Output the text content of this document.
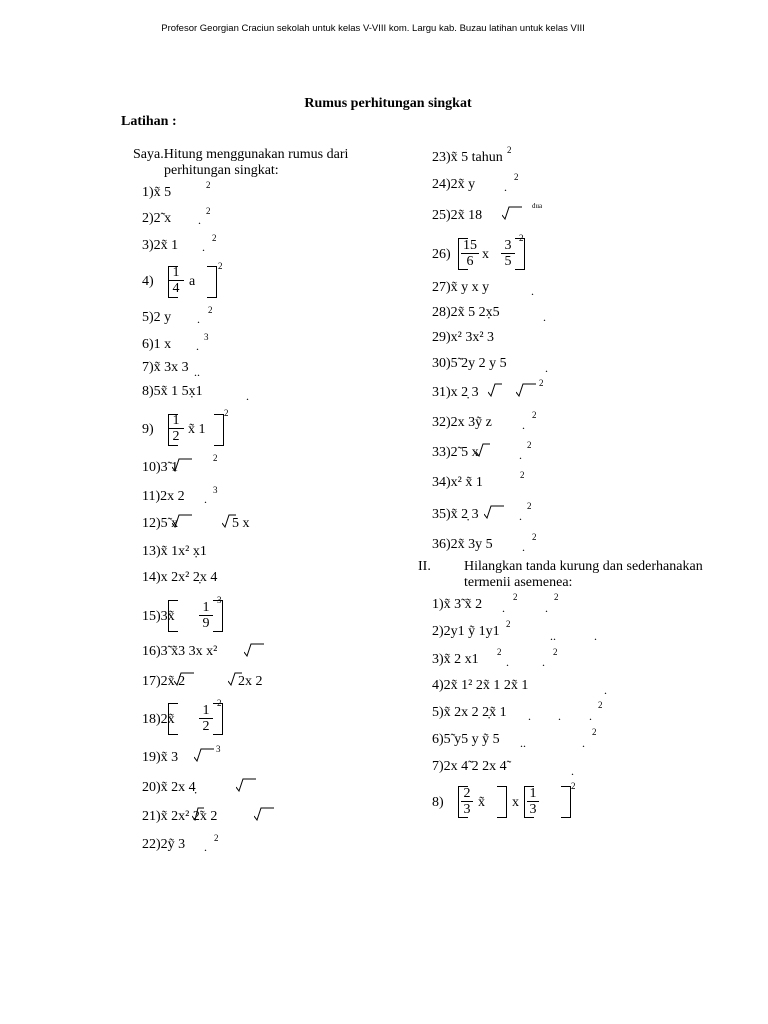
Profesor Georgian Craciun sekolah untuk kelas V-VIII kom. Largu kab. Buzau latihan untuk kelas VIII
Rumus perhitungan singkat
Latihan :
Saya.Hitung menggunakan rumus dari
perhitungan singkat:
1)x̃ 5	2
2)2̃ x	2
.
3)2x̃ 1	2
.
$4) \frac{1}{4}$ a
2
5)2 y	2
.
6)1 x	3
.
7)x̃ 3x 3 ..
8)5x̃ 1 5x̣1	.
$9) \frac{1}{2}$ x̃ 1
2
10)3̃ 1
2
11)2x 2	3
.
12)5̃ x	5 x
13)x̃ 1x² x̣1
14)x 2x² 2̣x 4
15)3x̃ $\frac{1}{9} 3$
16)3̃ x̃3 3x x²
17)2x̃ 2	2x 2
18)2x̃ $\frac{1}{2} 2$
19)x̃ 3
3
20)x̃ 2x 4̣
21)x̃ 2x² 2̃x 2
22)2ỹ 3	2
.
23)x̃ 5 tahun 2
24)2x̃ y	2
.
25)2x̃ 18
dua
$26) \frac{15}{6}$ x $\frac{3}{5} 2$
27)x̃ y x y	.
28)2x̃ 5 2x̣5	.
29)x² 3x² 3
30)5̃ 2y 2 y 5	.
31)x 2̣ 3
2
32)2x 3ỹ z	2
.
33)2̃ 5 x	2
.
34)x² x̃ 1	2
35)x̃ 2̣ 3
2
.
36)2x̃ 3y 5	2
.
II. Hilangkan tanda kurung dan sederhanakan
termenii asemenea:
1)x̃ 3̃ x̃ 2	2	2
.	.
2)2y1 ỹ 1y1 2
..	.
3)x̃ 2 x1 2	2
.	.
4)2x̃ 1² 2x̃ 1 2x̃ 1	.
5)x̃ 2x 2 2̣x̃ 1	2
. . .
6)5̃ y5 y ỹ 5	2
..	.
7)2x 4̃ 2 2x 4̃	.
$8) \frac{2}{3}$ x̃ x $\frac{1}{3}$	2
